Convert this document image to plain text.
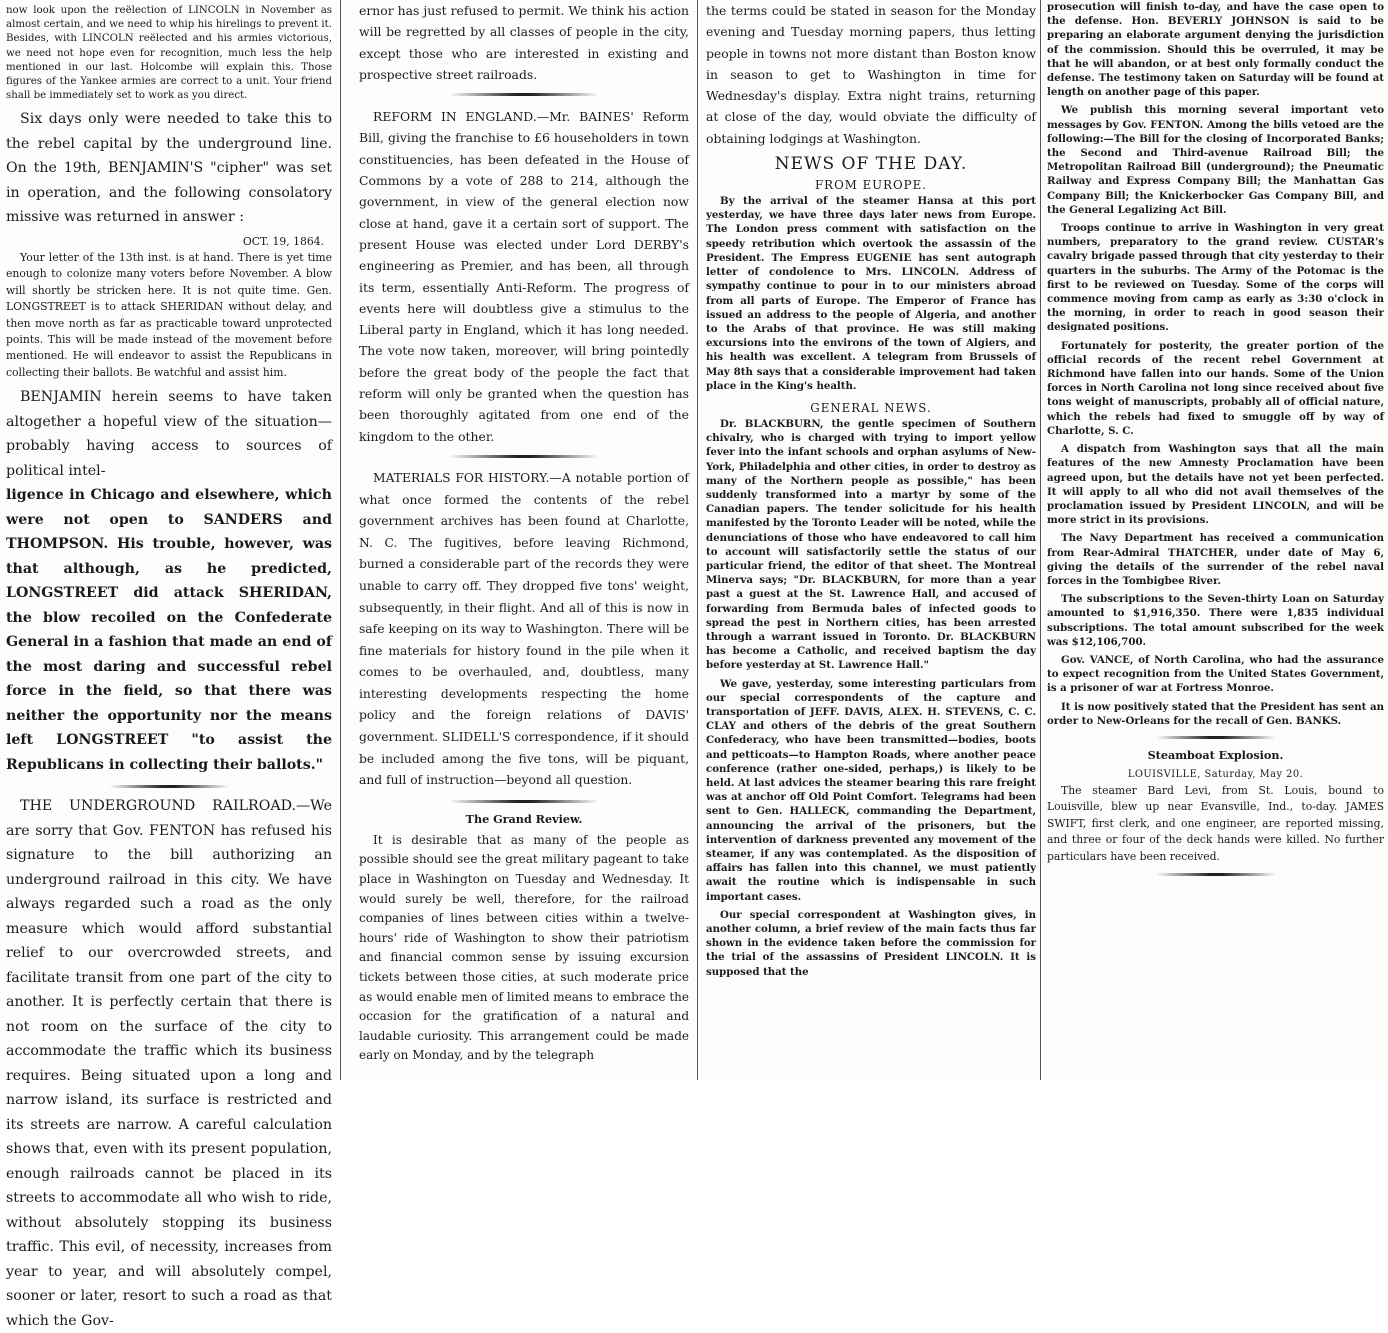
now look upon the reëlection of LINCOLN in November as almost certain, and we need to whip his hirelings to prevent it. Besides, with LINCOLN reëlected and his armies victorious, we need not hope even for recognition, much less the help mentioned in our last. Holcombe will explain this. Those figures of the Yankee armies are correct to a unit. Your friend shall be immediately set to work as you direct.

Six days only were needed to take this to the rebel capital by the underground line. On the 19th, BENJAMIN'S "cipher" was set in operation, and the following consolatory missive was returned in answer :

OCT. 19, 1864.

Your letter of the 13th inst. is at hand. There is yet time enough to colonize many voters before November. A blow will shortly be stricken here. It is not quite time. Gen. LONGSTREET is to attack SHERIDAN without delay, and then move north as far as practicable toward unprotected points. This will be made instead of the movement before mentioned. He will endeavor to assist the Republicans in collecting their ballots. Be watchful and assist him.

BENJAMIN herein seems to have taken altogether a hopeful view of the situation—probably having access to sources of political intel-

ligence in Chicago and elsewhere, which were not open to SANDERS and THOMPSON. His trouble, however, was that although, as he predicted, LONGSTREET did attack SHERIDAN, the blow recoiled on the Confederate General in a fashion that made an end of the most daring and successful rebel force in the field, so that there was neither the opportunity nor the means left LONGSTREET "to assist the Republicans in collecting their ballots."

THE UNDERGROUND RAILROAD.—We are sorry that Gov. FENTON has refused his signature to the bill authorizing an underground railroad in this city. We have always regarded such a road as the only measure which would afford substantial relief to our overcrowded streets, and facilitate transit from one part of the city to another. It is perfectly certain that there is not room on the surface of the city to accommodate the traffic which its business requires. Being situated upon a long and narrow island, its surface is restricted and its streets are narrow. A careful calculation shows that, even with its present population, enough railroads cannot be placed in its streets to accommodate all who wish to ride, without absolutely stopping its business traffic. This evil, of necessity, increases from year to year, and will absolutely compel, sooner or later, resort to such a road as that which the Gov-

ernor has just refused to permit. We think his action will be regretted by all classes of people in the city, except those who are interested in existing and prospective street railroads.

REFORM IN ENGLAND.—Mr. BAINES' Reform Bill, giving the franchise to £6 householders in town constituencies, has been defeated in the House of Commons by a vote of 288 to 214, although the government, in view of the general election now close at hand, gave it a certain sort of support. The present House was elected under Lord DERBY's engineering as Premier, and has been, all through its term, essentially Anti-Reform. The progress of events here will doubtless give a stimulus to the Liberal party in England, which it has long needed. The vote now taken, moreover, will bring pointedly before the great body of the people the fact that reform will only be granted when the question has been thoroughly agitated from one end of the kingdom to the other.

MATERIALS FOR HISTORY.—A notable portion of what once formed the contents of the rebel government archives has been found at Charlotte, N. C. The fugitives, before leaving Richmond, burned a considerable part of the records they were unable to carry off. They dropped five tons' weight, subsequently, in their flight. And all of this is now in safe keeping on its way to Washington. There will be fine materials for history found in the pile when it comes to be overhauled, and, doubtless, many interesting developments respecting the home policy and the foreign relations of DAVIS' government. SLIDELL'S correspondence, if it should be included among the five tons, will be piquant, and full of instruction—beyond all question.

The Grand Review.

It is desirable that as many of the people as possible should see the great military pageant to take place in Washington on Tuesday and Wednesday. It would surely be well, therefore, for the railroad companies of lines between cities within a twelve-hours' ride of Washington to show their patriotism and financial common sense by issuing excursion tickets between those cities, at such moderate price as would enable men of limited means to embrace the occasion for the gratification of a natural and laudable curiosity. This arrangement could be made early on Monday, and by the telegraph

the terms could be stated in season for the Monday evening and Tuesday morning papers, thus letting people in towns not more distant than Boston know in season to get to Washington in time for Wednesday's display. Extra night trains, returning at close of the day, would obviate the difficulty of obtaining lodgings at Washington.

NEWS OF THE DAY.

FROM EUROPE.

By the arrival of the steamer Hansa at this port yesterday, we have three days later news from Europe. The London press comment with satisfaction on the speedy retribution which overtook the assassin of the President. The Empress EUGENIE has sent autograph letter of condolence to Mrs. LINCOLN. Address of sympathy continue to pour in to our ministers abroad from all parts of Europe. The Emperor of France has issued an address to the people of Algeria, and another to the Arabs of that province. He was still making excursions into the environs of the town of Algiers, and his health was excellent. A telegram from Brussels of May 8th says that a considerable improvement had taken place in the King's health.

GENERAL NEWS.

Dr. BLACKBURN, the gentle specimen of Southern chivalry, who is charged with trying to import yellow fever into the infant schools and orphan asylums of New-York, Philadelphia and other cities, in order to destroy as many of the Northern people as possible," has been suddenly transformed into a martyr by some of the Canadian papers. The tender solicitude for his health manifested by the Toronto Leader will be noted, while the denunciations of those who have endeavored to call him to account will satisfactorily settle the status of our particular friend, the editor of that sheet. The Montreal Minerva says; "Dr. BLACKBURN, for more than a year past a guest at the St. Lawrence Hall, and accused of forwarding from Bermuda bales of infected goods to spread the pest in Northern cities, has been arrested through a warrant issued in Toronto. Dr. BLACKBURN has become a Catholic, and received baptism the day before yesterday at St. Lawrence Hall."

We gave, yesterday, some interesting particulars from our special correspondents of the capture and transportation of JEFF. DAVIS, ALEX. H. STEVENS, C. C. CLAY and others of the debris of the great Southern Confederacy, who have been transmitted—bodies, boots and petticoats—to Hampton Roads, where another peace conference (rather one-sided, perhaps,) is likely to be held. At last advices the steamer bearing this rare freight was at anchor off Old Point Comfort. Telegrams had been sent to Gen. HALLECK, commanding the Department, announcing the arrival of the prisoners, but the intervention of darkness prevented any movement of the steamer, if any was contemplated. As the disposition of affairs has fallen into this channel, we must patiently await the routine which is indispensable in such important cases.

Our special correspondent at Washington gives, in another column, a brief review of the main facts thus far shown in the evidence taken before the commission for the trial of the assassins of President LINCOLN. It is supposed that the

prosecution will finish to-day, and have the case open to the defense. Hon. BEVERLY JOHNSON is said to be preparing an elaborate argument denying the jurisdiction of the commission. Should this be overruled, it may be that he will abandon, or at best only formally conduct the defense. The testimony taken on Saturday will be found at length on another page of this paper.

We publish this morning several important veto messages by Gov. FENTON. Among the bills vetoed are the following:—The Bill for the closing of Incorporated Banks; the Second and Third-avenue Railroad Bill; the Metropolitan Railroad Bill (underground); the Pneumatic Railway and Express Company Bill; the Manhattan Gas Company Bill; the Knickerbocker Gas Company Bill, and the General Legalizing Act Bill.

Troops continue to arrive in Washington in very great numbers, preparatory to the grand review. CUSTAR's cavalry brigade passed through that city yesterday to their quarters in the suburbs. The Army of the Potomac is the first to be reviewed on Tuesday. Some of the corps will commence moving from camp as early as 3:30 o'clock in the morning, in order to reach in good season their designated positions.

Fortunately for posterity, the greater portion of the official records of the recent rebel Government at Richmond have fallen into our hands. Some of the Union forces in North Carolina not long since received about five tons weight of manuscripts, probably all of official nature, which the rebels had fixed to smuggle off by way of Charlotte, S. C.

A dispatch from Washington says that all the main features of the new Amnesty Proclamation have been agreed upon, but the details have not yet been perfected. It will apply to all who did not avail themselves of the proclamation issued by President LINCOLN, and will be more strict in its provisions.

The Navy Department has received a communication from Rear-Admiral THATCHER, under date of May 6, giving the details of the surrender of the rebel naval forces in the Tombigbee River.

The subscriptions to the Seven-thirty Loan on Saturday amounted to $1,916,350. There were 1,835 individual subscriptions. The total amount subscribed for the week was $12,106,700.

Gov. VANCE, of North Carolina, who had the assurance to expect recognition from the United States Government, is a prisoner of war at Fortress Monroe.

It is now positively stated that the President has sent an order to New-Orleans for the recall of Gen. BANKS.

Steamboat Explosion.

LOUISVILLE, Saturday, May 20.

The steamer Bard Levi, from St. Louis, bound to Louisville, blew up near Evansville, Ind., to-day. JAMES SWIFT, first clerk, and one engineer, are reported missing, and three or four of the deck hands were killed. No further particulars have been received.
